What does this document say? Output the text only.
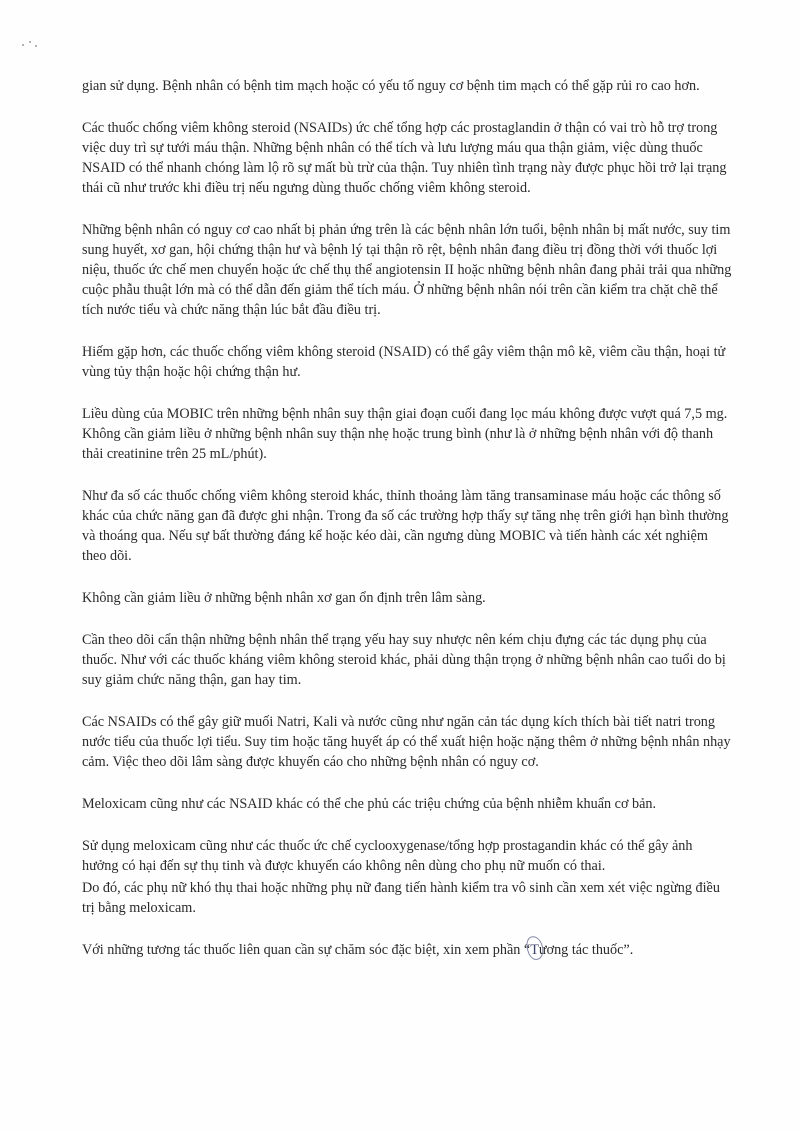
gian sử dụng. Bệnh nhân có bệnh tim mạch hoặc có yếu tố nguy cơ bệnh tim mạch có thể gặp rủi ro cao hơn.

Các thuốc chống viêm không steroid (NSAIDs) ức chế tổng hợp các prostaglandin ở thận có vai trò hỗ trợ trong việc duy trì sự tưới máu thận. Những bệnh nhân có thể tích và lưu lượng máu qua thận giảm, việc dùng thuốc NSAID có thể nhanh chóng làm lộ rõ sự mất bù trừ của thận. Tuy nhiên tình trạng này được phục hồi trở lại trạng thái cũ như trước khi điều trị nếu ngưng dùng thuốc chống viêm không steroid.

Những bệnh nhân có nguy cơ cao nhất bị phản ứng trên là các bệnh nhân lớn tuổi, bệnh nhân bị mất nước, suy tim sung huyết, xơ gan, hội chứng thận hư và bệnh lý tại thận rõ rệt, bệnh nhân đang điều trị đồng thời với thuốc lợi niệu, thuốc ức chế men chuyển hoặc ức chế thụ thể angiotensin II hoặc những bệnh nhân đang phải trải qua những cuộc phẫu thuật lớn mà có thể dẫn đến giảm thể tích máu. Ở những bệnh nhân nói trên cần kiểm tra chặt chẽ thể tích nước tiểu và chức năng thận lúc bắt đầu điều trị.

Hiếm gặp hơn, các thuốc chống viêm không steroid (NSAID) có thể gây viêm thận mô kẽ, viêm cầu thận, hoại tử vùng tủy thận hoặc hội chứng thận hư.

Liều dùng của MOBIC trên những bệnh nhân suy thận giai đoạn cuối đang lọc máu không được vượt quá 7,5 mg. Không cần giảm liều ở những bệnh nhân suy thận nhẹ hoặc trung bình (như là ở những bệnh nhân với độ thanh thải creatinine trên 25 mL/phút).

Như đa số các thuốc chống viêm không steroid khác, thỉnh thoảng làm tăng transaminase máu hoặc các thông số khác của chức năng gan đã được ghi nhận. Trong đa số các trường hợp thấy sự tăng nhẹ trên giới hạn bình thường và thoáng qua. Nếu sự bất thường đáng kể hoặc kéo dài, cần ngưng dùng MOBIC và tiến hành các xét nghiệm theo dõi.

Không cần giảm liều ở những bệnh nhân xơ gan ổn định trên lâm sàng.

Cần theo dõi cẩn thận những bệnh nhân thể trạng yếu hay suy nhược nên kém chịu đựng các tác dụng phụ của thuốc. Như với các thuốc kháng viêm không steroid khác, phải dùng thận trọng ở những bệnh nhân cao tuổi do bị suy giảm chức năng thận, gan hay tim.

Các NSAIDs có thể gây giữ muối Natri, Kali và nước cũng như ngăn cản tác dụng kích thích bài tiết natri trong nước tiểu của thuốc lợi tiểu. Suy tim hoặc tăng huyết áp có thể xuất hiện hoặc nặng thêm ở những bệnh nhân nhạy cảm. Việc theo dõi lâm sàng được khuyến cáo cho những bệnh nhân có nguy cơ.

Meloxicam cũng như các NSAID khác có thể che phủ các triệu chứng của bệnh nhiễm khuẩn cơ bản.

Sử dụng meloxicam cũng như các thuốc ức chế cyclooxygenase/tổng hợp prostagandin khác có thể gây ảnh hưởng có hại đến sự thụ tinh và được khuyến cáo không nên dùng cho phụ nữ muốn có thai.

Do đó, các phụ nữ khó thụ thai hoặc những phụ nữ đang tiến hành kiểm tra vô sinh cần xem xét việc ngừng điều trị bằng meloxicam.

Với những tương tác thuốc liên quan cần sự chăm sóc đặc biệt, xin xem phần “Tương tác thuốc”.
